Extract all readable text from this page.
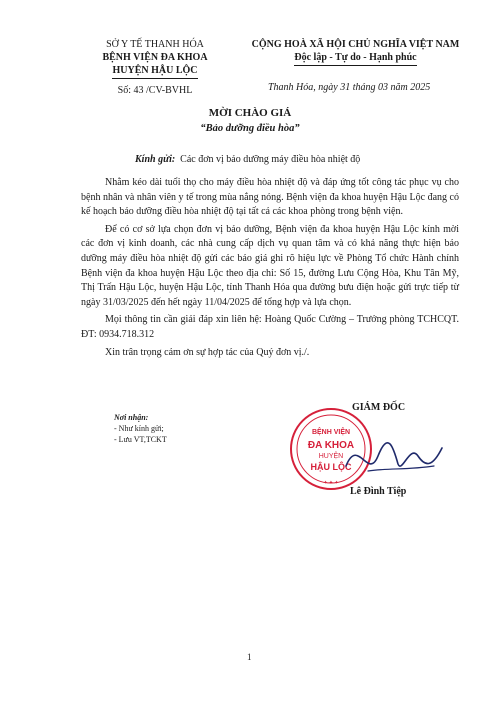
SỞ Y TẾ THANH HÓA
BỆNH VIỆN ĐA KHOA
HUYỆN HẬU LỘC
Số: 43 /CV-BVHL
CỘNG HOÀ XÃ HỘI CHỦ NGHĨA VIỆT NAM
Độc lập - Tự do - Hạnh phúc
Thanh Hóa, ngày 31 tháng 03 năm 2025
MỜI CHÀO GIÁ
“Bảo dưỡng điều hòa”
Kính gửi: Các đơn vị bảo dưỡng máy điều hòa nhiệt độ

Nhằm kéo dài tuổi thọ cho máy điều hòa nhiệt độ và đáp ứng tốt công tác phục vụ cho bệnh nhân và nhân viên y tế trong mùa nắng nóng. Bệnh viện đa khoa huyện Hậu Lộc đang có kế hoạch bảo dưỡng điều hòa nhiệt độ tại tất cả các khoa phòng trong bệnh viện.

Để có cơ sở lựa chọn đơn vị bảo dưỡng, Bệnh viện đa khoa huyện Hậu Lộc kính mời các đơn vị kinh doanh, các nhà cung cấp dịch vụ quan tâm và có khả năng thực hiện bảo dưỡng máy điều hòa nhiệt độ gửi các báo giá ghi rõ hiệu lực về Phòng Tổ chức Hành chính Bệnh viện đa khoa huyện Hậu Lộc theo địa chỉ: Số 15, đường Lưu Cộng Hòa, Khu Tân Mỹ, Thị Trấn Hậu Lộc, huyện Hậu Lộc, tỉnh Thanh Hóa qua đường bưu điện hoặc gửi trực tiếp từ ngày 31/03/2025 đến hết ngày 11/04/2025 để tổng hợp và lựa chọn.

Mọi thông tin cần giải đáp xin liên hệ: Hoàng Quốc Cường – Trưởng phòng TCHCQT. ĐT: 0934.718.312

Xin trân trọng cảm ơn sự hợp tác của Quý đơn vị./.

Nơi nhận:
- Như kính gửi;
- Lưu VT,TCKT
GIÁM ĐỐC
BỆNH VIỆN
ĐA KHOA
HUYỆN
HẬU LỘC
✦ ✦ ✦
Lê Đình Tiệp
1
